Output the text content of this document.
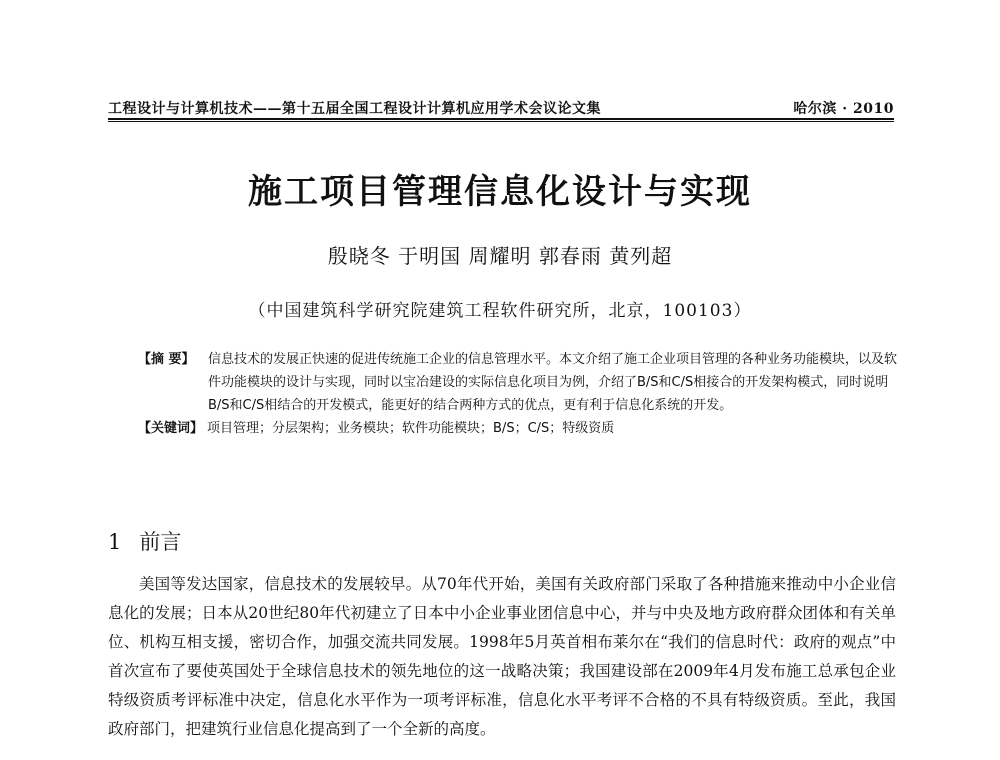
工程设计与计算机技术——第十五届全国工程设计计算机应用学术会议论文集	哈尔滨 · 2010
施工项目管理信息化设计与实现
殷晓冬 于明国 周耀明 郭春雨 黄列超
（中国建筑科学研究院建筑工程软件研究所，北京，100103）
【摘 要】	信息技术的发展正快速的促进传统施工企业的信息管理水平。本文介绍了施工企业项目管理的各种业务功能模块，以及软件功能模块的设计与实现，同时以宝冶建设的实际信息化项目为例，介绍了B/S和C/S相接合的开发架构模式，同时说明B/S和C/S相结合的开发模式，能更好的结合两种方式的优点，更有利于信息化系统的开发。
【关键词】 项目管理；分层架构；业务模块；软件功能模块；B/S；C/S；特级资质
1 前言
美国等发达国家，信息技术的发展较早。从70年代开始，美国有关政府部门采取了各种措施来推动中小企业信息化的发展；日本从20世纪80年代初建立了日本中小企业事业团信息中心，并与中央及地方政府群众团体和有关单位、机构互相支援，密切合作，加强交流共同发展。1998年5月英首相布莱尔在“我们的信息时代：政府的观点”中首次宣布了要使英国处于全球信息技术的领先地位的这一战略决策；我国建设部在2009年4月发布施工总承包企业特级资质考评标准中决定，信息化水平作为一项考评标准，信息化水平考评不合格的不具有特级资质。至此，我国政府部门，把建筑行业信息化提高到了一个全新的高度。
